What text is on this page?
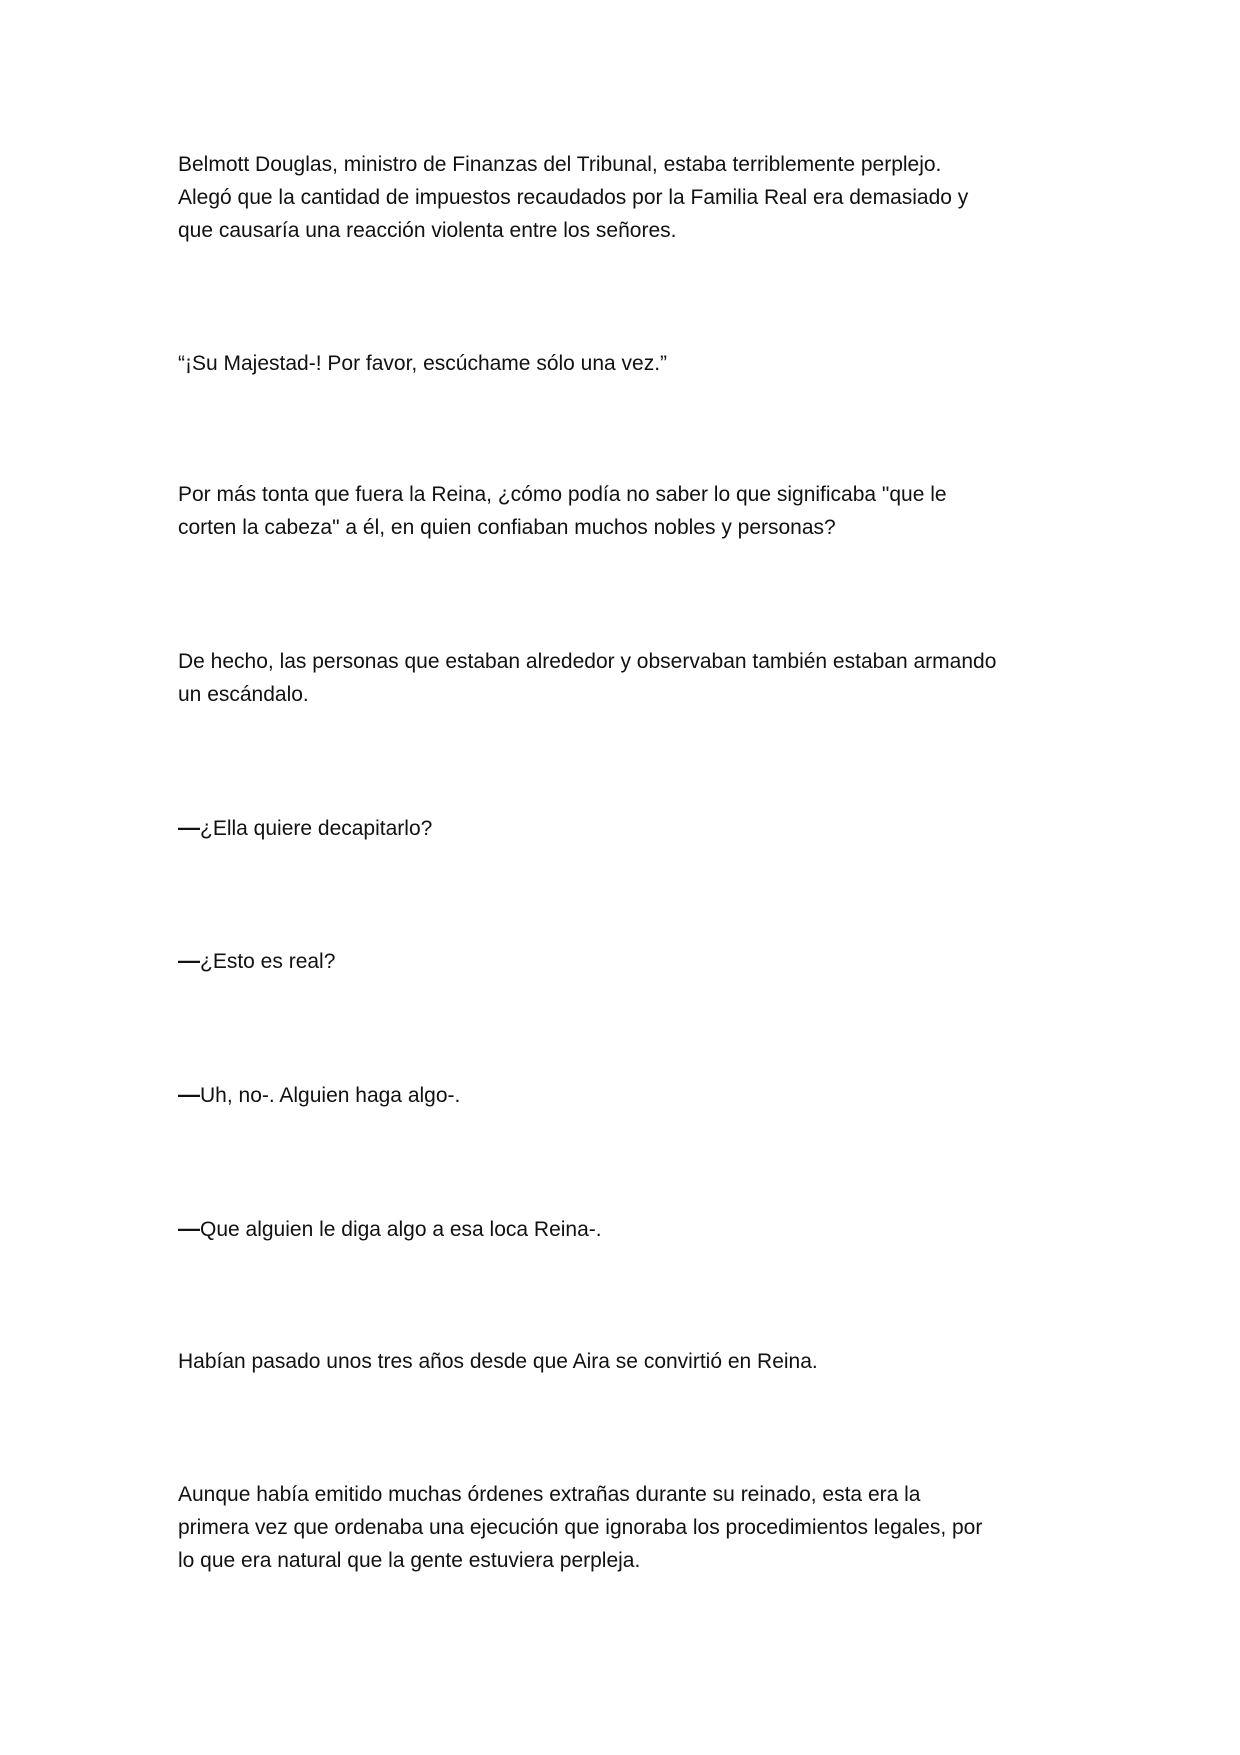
Belmott Douglas, ministro de Finanzas del Tribunal, estaba terriblemente perplejo.
Alegó que la cantidad de impuestos recaudados por la Familia Real era demasiado y
que causaría una reacción violenta entre los señores.

“¡Su Majestad-! Por favor, escúchame sólo una vez.”

Por más tonta que fuera la Reina, ¿cómo podía no saber lo que significaba "que le
corten la cabeza" a él, en quien confiaban muchos nobles y personas?

De hecho, las personas que estaban alrededor y observaban también estaban armando
un escándalo.

—¿Ella quiere decapitarlo?

—¿Esto es real?

—Uh, no-. Alguien haga algo-.

—Que alguien le diga algo a esa loca Reina-.

Habían pasado unos tres años desde que Aira se convirtió en Reina.

Aunque había emitido muchas órdenes extrañas durante su reinado, esta era la
primera vez que ordenaba una ejecución que ignoraba los procedimientos legales, por
lo que era natural que la gente estuviera perpleja.
